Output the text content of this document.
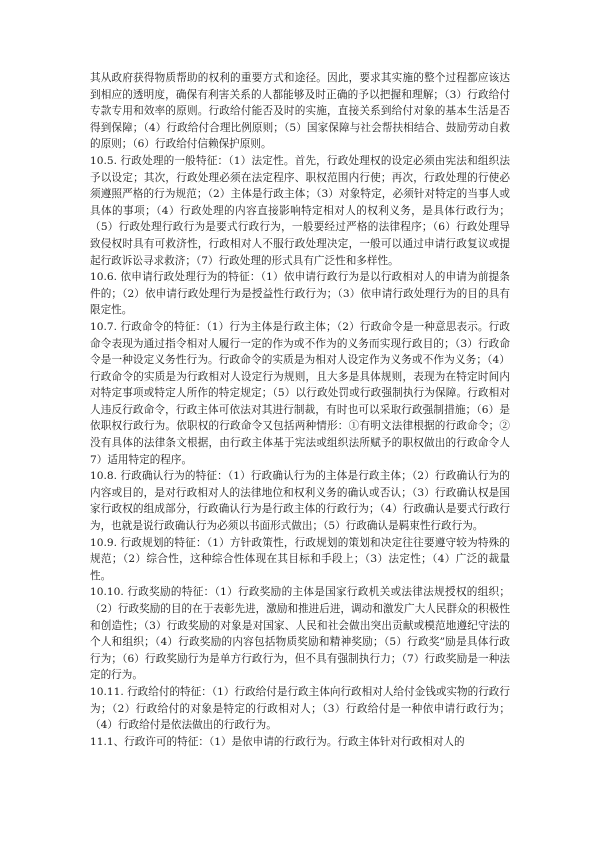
其从政府获得物质帮助的权利的重要方式和途径。因此，要求其实施的整个过程都应该达到相应的透明度，确保有利害关系的人都能够及时正确的予以把握和理解；（3）行政给付专款专用和效率的原则。行政给付能否及时的实施，直接关系到给付对象的基本生活是否得到保障；（4）行政给付合理比例原则；（5）国家保障与社会帮扶相结合、鼓励劳动自救的原则；（6）行政给付信赖保护原则。

10.5. 行政处理的一般特征：（1）法定性。首先，行政处理权的设定必须由宪法和组织法予以设定；其次，行政处理必须在法定程序、职权范围内行使；再次，行政处理的行使必须遵照严格的行为规范；（2）主体是行政主体；（3）对象特定，必须针对特定的当事人或具体的事项；（4）行政处理的内容直接影响特定相对人的权利义务，是具体行政行为；（5）行政处理行政行为是要式行政行为，一般要经过严格的法律程序；（6）行政处理导致侵权时具有可救济性，行政相对人不服行政处理决定，一般可以通过申请行政复议或提起行政诉讼寻求救济；（7）行政处理的形式具有广泛性和多样性。

10.6. 依申请行政处理行为的特征：（1）依申请行政行为是以行政相对人的申请为前提条件的；（2）依申请行政处理行为是授益性行政行为；（3）依申请行政处理行为的目的具有限定性。

10.7. 行政命令的特征：（1）行为主体是行政主体；（2）行政命令是一种意思表示。行政命令表现为通过指令相对人履行一定的作为或不作为的义务而实现行政目的；（3）行政命令是一种设定义务性行为。行政命令的实质是为相对人设定作为义务或不作为义务；（4）行政命令的实质是为行政相对人设定行为规则，且大多是具体规则，表现为在特定时间内对特定事项或特定人所作的特定规定；（5）以行政处罚或行政强制执行为保障。行政相对人违反行政命令，行政主体可依法对其进行制裁，有时也可以采取行政强制措施；（6）是依职权行政行为。依职权的行政命令又包括两种情形：①有明文法律根据的行政命令；②没有具体的法律条文根据，由行政主体基于宪法或组织法所赋予的职权做出的行政命令人7）适用特定的程序。

10.8. 行政确认行为的特征：（1）行政确认行为的主体是行政主体；（2）行政确认行为的内容或目的，是对行政相对人的法律地位和权利义务的确认或否认；（3）行政确认权是国家行政权的组成部分，行政确认行为是行政主体的行政行为；（4）行政确认是要式行政行为，也就是说行政确认行为必须以书面形式做出；（5）行政确认是羁束性行政行为。

10.9. 行政规划的特征：（1）方针政策性，行政规划的策划和决定往往要遵守较为特殊的规范；（2）综合性，这种综合性体现在其目标和手段上；（3）法定性；（4）广泛的裁量性。

10.10. 行政奖励的特征：（1）行政奖励的主体是国家行政机关或法律法规授权的组织；（2）行政奖励的目的在于表彰先进，激励和推进后进，调动和激发广大人民群众的积极性和创造性；（3）行政奖励的对象是对国家、人民和社会做出突出贡献或模范地遵纪守法的个人和组织；（4）行政奖励的内容包括物质奖励和精神奖励；（5）行政奖”励是具体行政行为；（6）行政奖励行为是单方行政行为，但不具有强制执行力；（7）行政奖励是一种法定的行为。

10.11. 行政给付的特征：（1）行政给付是行政主体向行政相对人给付金钱或实物的行政行为；（2）行政给付的对象是特定的行政相对人；（3）行政给付是一种依申请行政行为；（4）行政给付是依法做出的行政行为。

11.1、行政许可的特征：（1）是依申请的行政行为。行政主体针对行政相对人的
